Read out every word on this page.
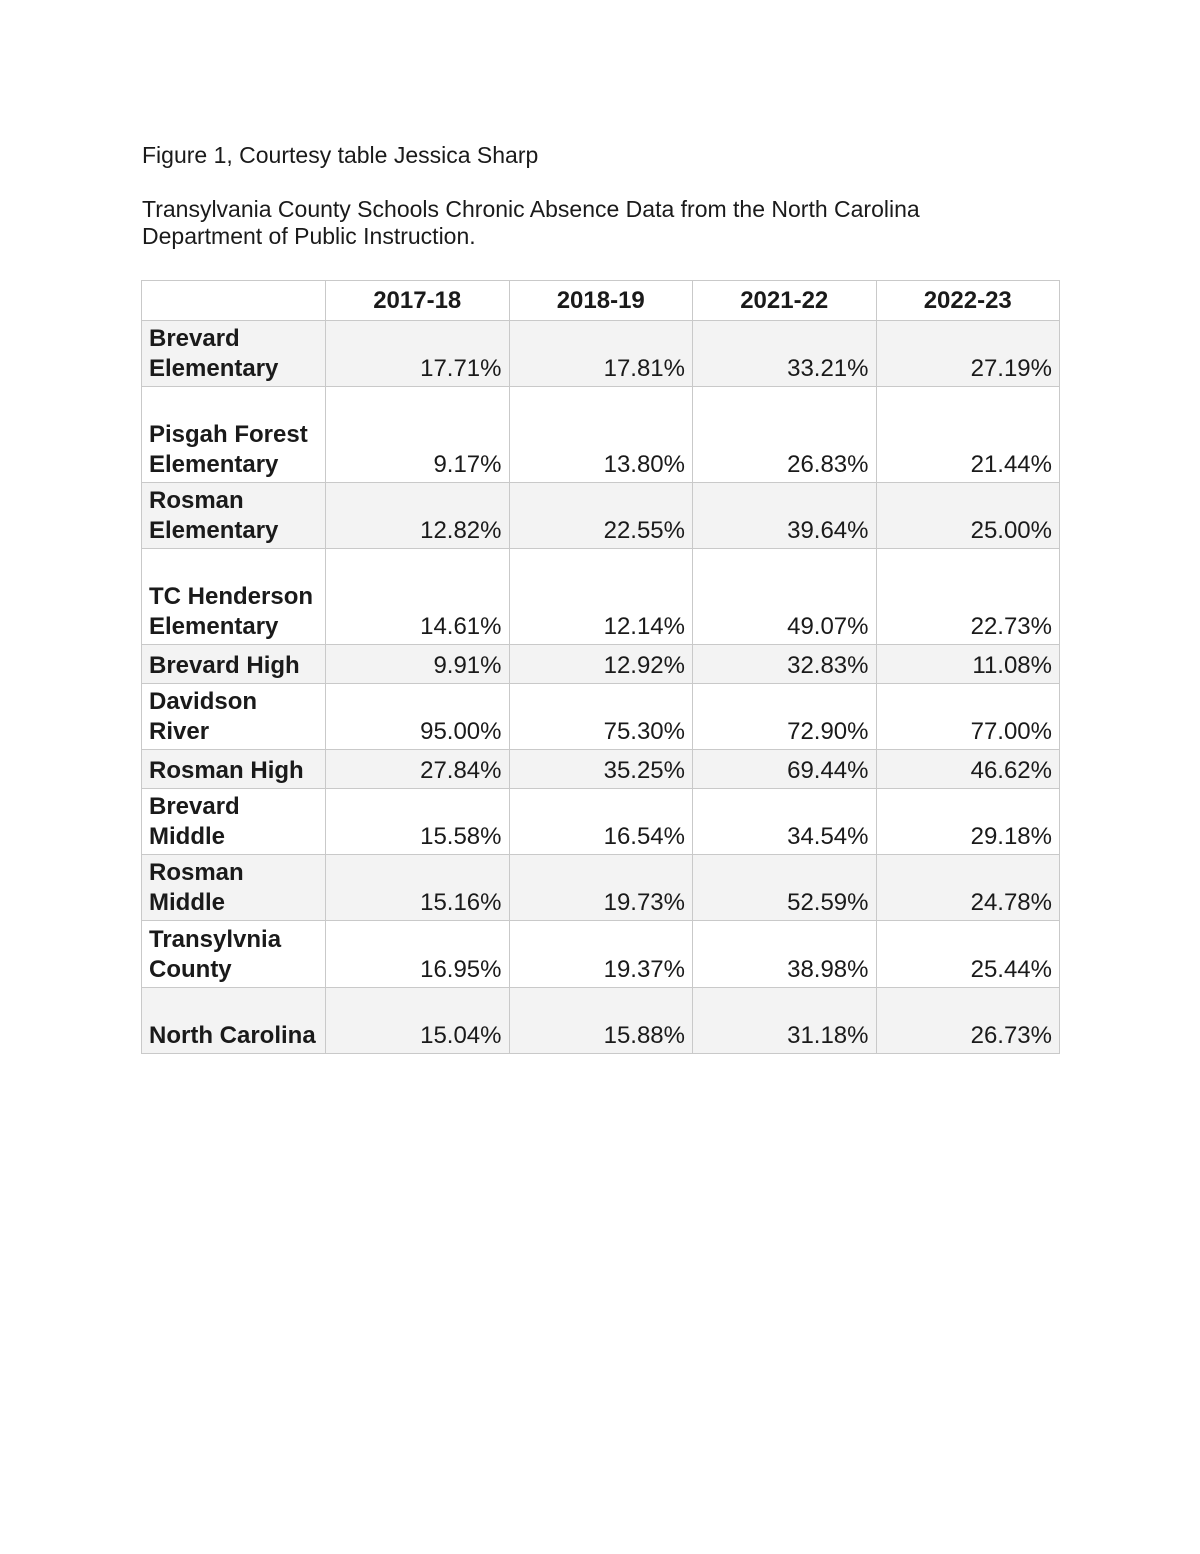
Figure 1, Courtesy table Jessica Sharp

Transylvania County Schools Chronic Absence Data from the North Carolina Department of Public Instruction.

	2017-18	2018-19	2021-22	2022-23
Brevard Elementary	17.71%	17.81%	33.21%	27.19%
Pisgah Forest Elementary	9.17%	13.80%	26.83%	21.44%
Rosman Elementary	12.82%	22.55%	39.64%	25.00%
TC Henderson Elementary	14.61%	12.14%	49.07%	22.73%
Brevard High	9.91%	12.92%	32.83%	11.08%
Davidson River	95.00%	75.30%	72.90%	77.00%
Rosman High	27.84%	35.25%	69.44%	46.62%
Brevard Middle	15.58%	16.54%	34.54%	29.18%
Rosman Middle	15.16%	19.73%	52.59%	24.78%
Transylvnia County	16.95%	19.37%	38.98%	25.44%
North Carolina	15.04%	15.88%	31.18%	26.73%
